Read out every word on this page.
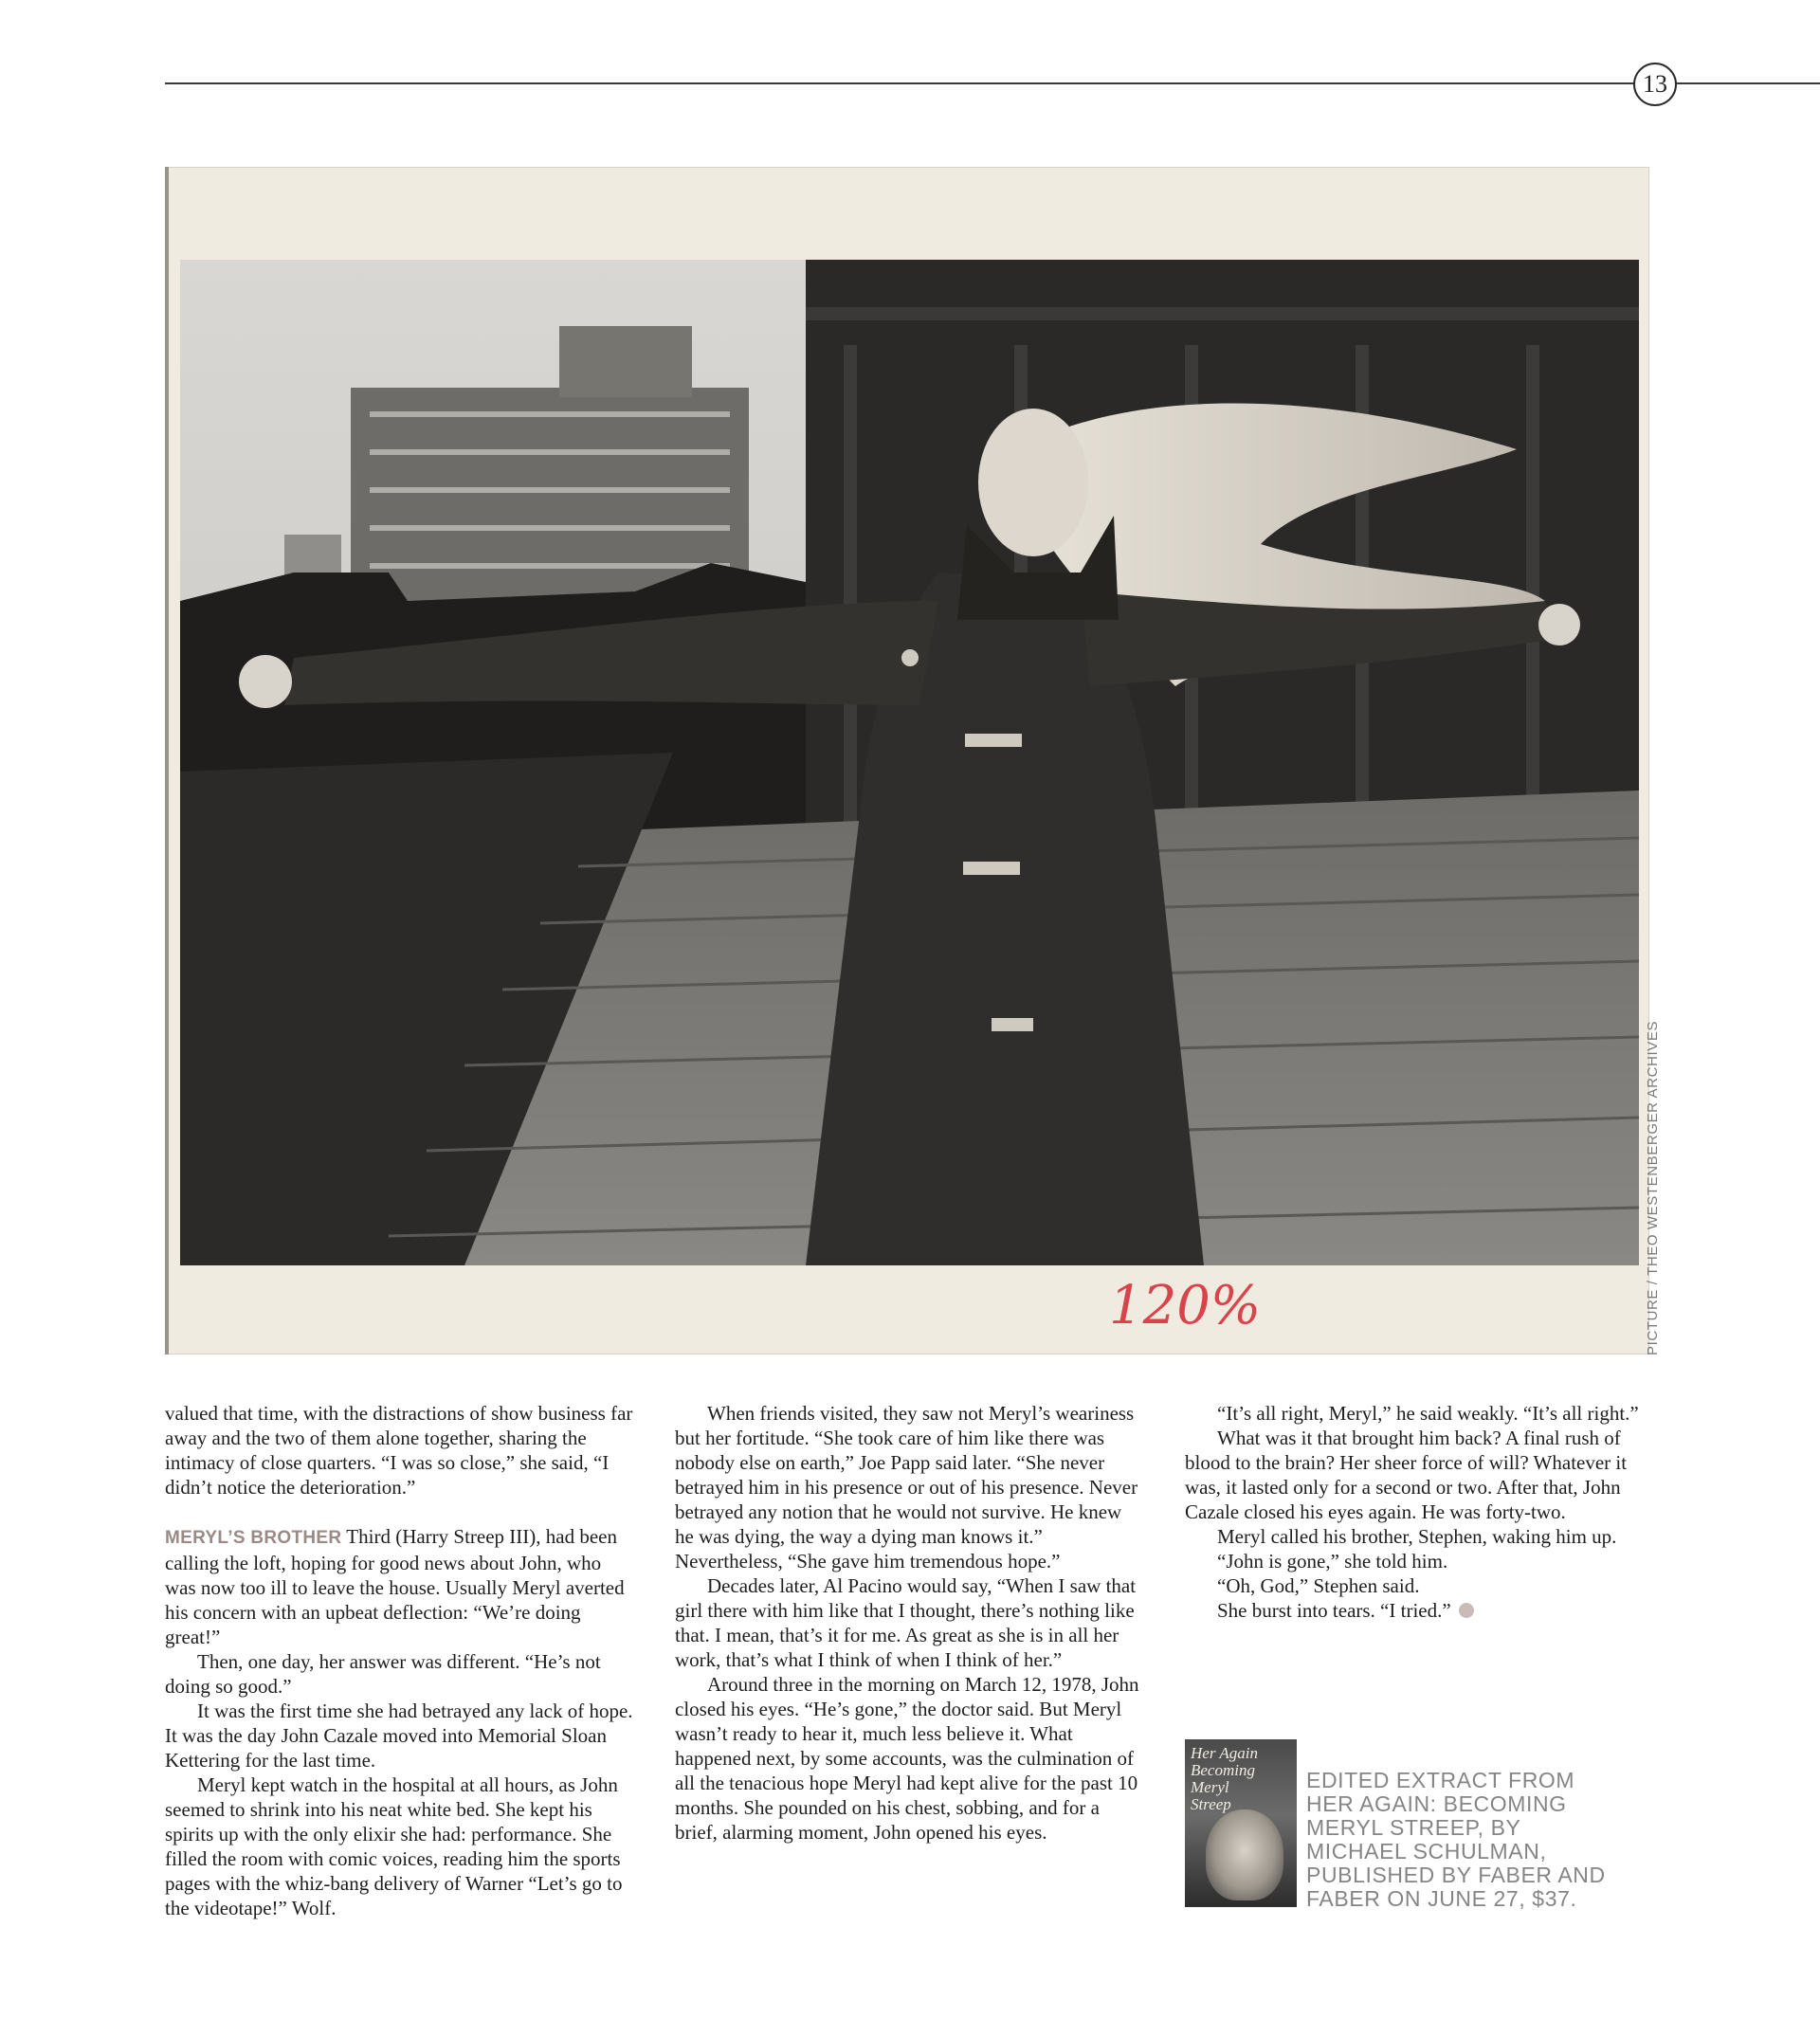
13
120%	PICTURE / THEO WESTENBERGER ARCHIVES

valued that time, with the distractions of show business far away and the two of them alone together, sharing the intimacy of close quarters. “I was so close,” she said, “I didn’t notice the deterioration.”

MERYL’S BROTHER Third (Harry Streep III), had been calling the loft, hoping for good news about John, who was now too ill to leave the house. Usually Meryl averted his concern with an upbeat deflection: “We’re doing great!”

Then, one day, her answer was different. “He’s not doing so good.”

It was the first time she had betrayed any lack of hope. It was the day John Cazale moved into Memorial Sloan Kettering for the last time.

Meryl kept watch in the hospital at all hours, as John seemed to shrink into his neat white bed. She kept his spirits up with the only elixir she had: performance. She filled the room with comic voices, reading him the sports pages with the whiz-bang delivery of Warner “Let’s go to the videotape!” Wolf.

When friends visited, they saw not Meryl’s weariness but her fortitude. “She took care of him like there was nobody else on earth,” Joe Papp said later. “She never betrayed him in his presence or out of his presence. Never betrayed any notion that he would not survive. He knew he was dying, the way a dying man knows it.” Nevertheless, “She gave him tremendous hope.”

Decades later, Al Pacino would say, “When I saw that girl there with him like that I thought, there’s nothing like that. I mean, that’s it for me. As great as she is in all her work, that’s what I think of when I think of her.”

Around three in the morning on March 12, 1978, John closed his eyes. “He’s gone,” the doctor said. But Meryl wasn’t ready to hear it, much less believe it. What happened next, by some accounts, was the culmination of all the tenacious hope Meryl had kept alive for the past 10 months. She pounded on his chest, sobbing, and for a brief, alarming moment, John opened his eyes.

“It’s all right, Meryl,” he said weakly. “It’s all right.”

What was it that brought him back? A final rush of blood to the brain? Her sheer force of will? Whatever it was, it lasted only for a second or two. After that, John Cazale closed his eyes again. He was forty-two.

Meryl called his brother, Stephen, waking him up.

“John is gone,” she told him.

“Oh, God,” Stephen said.

She burst into tears. “I tried.”

Her Again
Becoming
Meryl
Streep
EDITED EXTRACT FROM HER AGAIN: BECOMING MERYL STREEP, BY MICHAEL SCHULMAN, PUBLISHED BY FABER AND FABER ON JUNE 27, $37.
